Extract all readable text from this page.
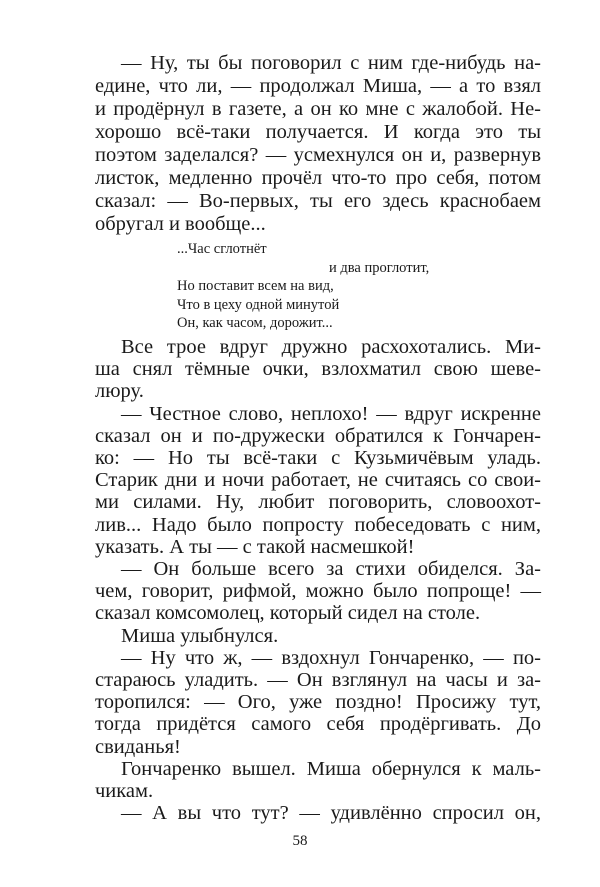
— Ну, ты бы поговорил с ним где-нибудь на-
едине, что ли, — продолжал Миша, — а то взял
и продёрнул в газете, а он ко мне с жалобой. Не-
хорошо всё-таки получается. И когда это ты
поэтом заделался? — усмехнулся он и, развернув
листок, медленно прочёл что-то про себя, потом
сказал: — Во-первых, ты его здесь краснобаем
обругал и вообще...
...Час сглотнёт
и два проглотит,
Но поставит всем на вид,
Что в цеху одной минутой
Он, как часом, дорожит...
Все трое вдруг дружно расхохотались. Ми-
ша снял тёмные очки, взлохматил свою шеве-
люру.
— Честное слово, неплохо! — вдруг искренне
сказал он и по-дружески обратился к Гончарен-
ко: — Но ты всё-таки с Кузьмичёвым уладь.
Старик дни и ночи работает, не считаясь со свои-
ми силами. Ну, любит поговорить, словоохот-
лив... Надо было попросту побеседовать с ним,
указать. А ты — с такой насмешкой!
— Он больше всего за стихи обиделся. За-
чем, говорит, рифмой, можно было попроще! —
сказал комсомолец, который сидел на столе.
Миша улыбнулся.
— Ну что ж, — вздохнул Гончаренко, — по-
стараюсь уладить. — Он взглянул на часы и за-
торопился: — Ого, уже поздно! Просижу тут,
тогда придётся самого себя продёргивать. До
свиданья!
Гончаренко вышел. Миша обернулся к маль-
чикам.
— А вы что тут? — удивлённо спросил он,
58
